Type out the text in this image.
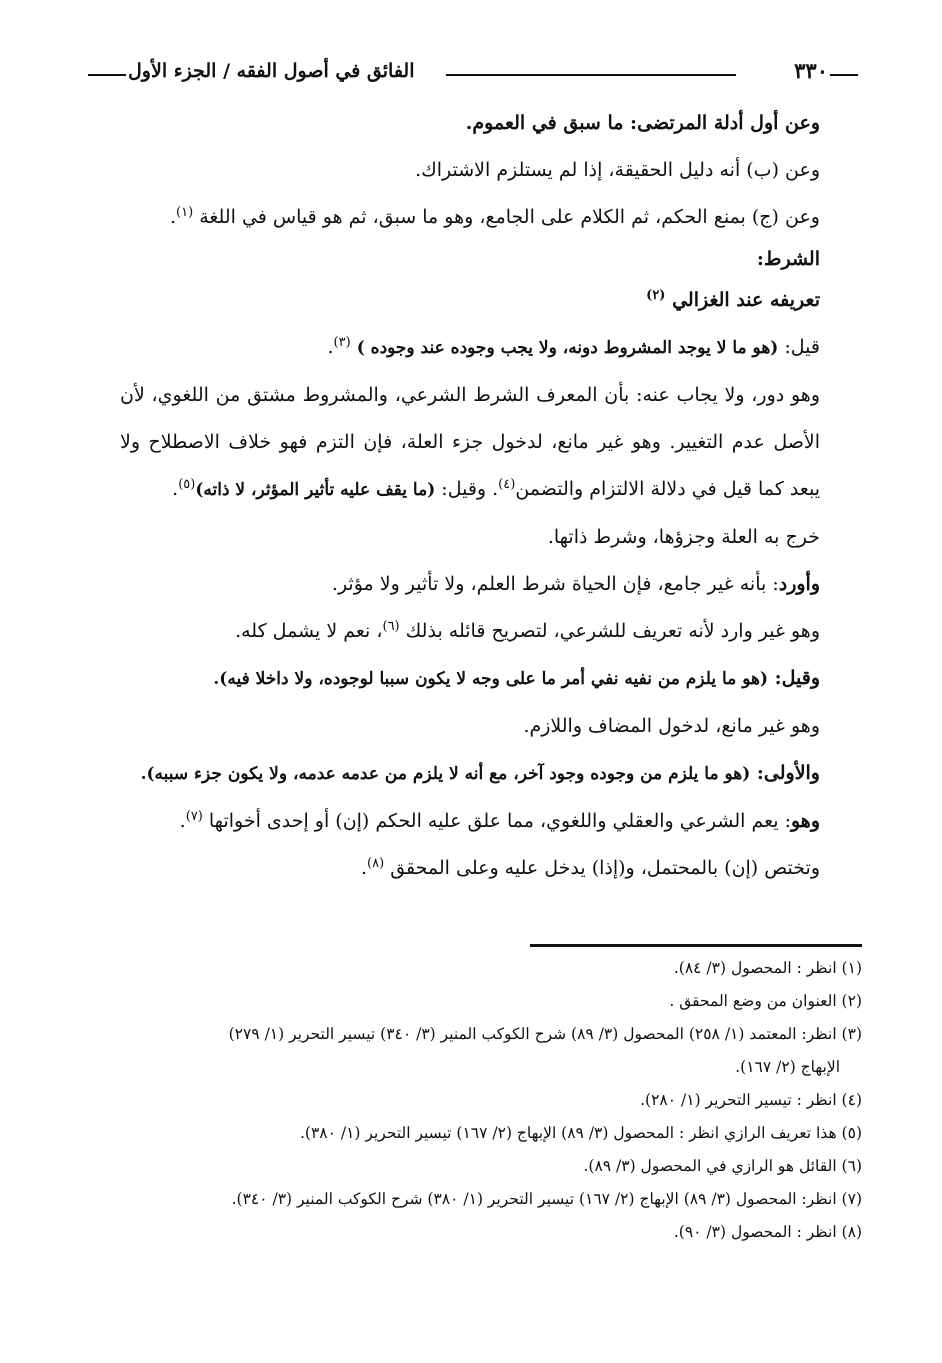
٣٣٠
الفائق في أصول الفقه / الجزء الأول
وعن أول أدلة المرتضى: ما سبق في العموم.
وعن (ب) أنه دليل الحقيقة، إذا لم يستلزم الاشتراك.
وعن (ج) بمنع الحكم، ثم الكلام على الجامع، وهو ما سبق، ثم هو قياس في اللغة $^{(١)}$.
الشرط:
تعريفه عند الغزالي $^{(٢)}$
قيل: (هو ما لا يوجد المشروط دونه، ولا يجب وجوده عند وجوده ) $^{(٣)}$.
وهو دور، ولا يجاب عنه: بأن المعرف الشرط الشرعي، والمشروط مشتق من اللغوي، لأن
الأصل عدم التغيير. وهو غير مانع، لدخول جزء العلة، فإن التزم فهو خلاف الاصطلاح ولا
يبعد كما قيل في دلالة الالتزام والتضمن$^{(٤)}$. وقيل: (ما يقف عليه تأثير المؤثر، لا ذاته)$^{(٥)}$.
خرج به العلة وجزؤها، وشرط ذاتها.
وأورد: بأنه غير جامع، فإن الحياة شرط العلم، ولا تأثير ولا مؤثر.
وهو غير وارد لأنه تعريف للشرعي، لتصريح قائله بذلك $^{(٦)}$، نعم لا يشمل كله.
وقيل: (هو ما يلزم من نفيه نفي أمر ما على وجه لا يكون سببا لوجوده، ولا داخلا فيه).
وهو غير مانع، لدخول المضاف واللازم.
والأولى: (هو ما يلزم من وجوده وجود آخر، مع أنه لا يلزم من عدمه عدمه، ولا يكون جزء سببه).
وهو: يعم الشرعي والعقلي واللغوي، مما علق عليه الحكم (إن) أو إحدى أخواتها $^{(٧)}$.
وتختص (إن) بالمحتمل، و(إذا) يدخل عليه وعلى المحقق $^{(٨)}$.
(١) انظر : المحصول (٣/ ٨٤).
(٢) العنوان من وضع المحقق .
(٣) انظر: المعتمد (١/ ٢٥٨) المحصول (٣/ ٨٩) شرح الكوكب المنير (٣/ ٣٤٠) تيسير التحرير (١/ ٢٧٩)
الإبهاج (٢/ ١٦٧).
(٤) انظر : تيسير التحرير (١/ ٢٨٠).
(٥) هذا تعريف الرازي انظر : المحصول (٣/ ٨٩) الإبهاج (٢/ ١٦٧) تيسير التحرير (١/ ٣٨٠).
(٦) القائل هو الرازي في المحصول (٣/ ٨٩).
(٧) انظر: المحصول (٣/ ٨٩) الإبهاج (٢/ ١٦٧) تيسير التحرير (١/ ٣٨٠) شرح الكوكب المنير (٣/ ٣٤٠).
(٨) انظر : المحصول (٣/ ٩٠).
